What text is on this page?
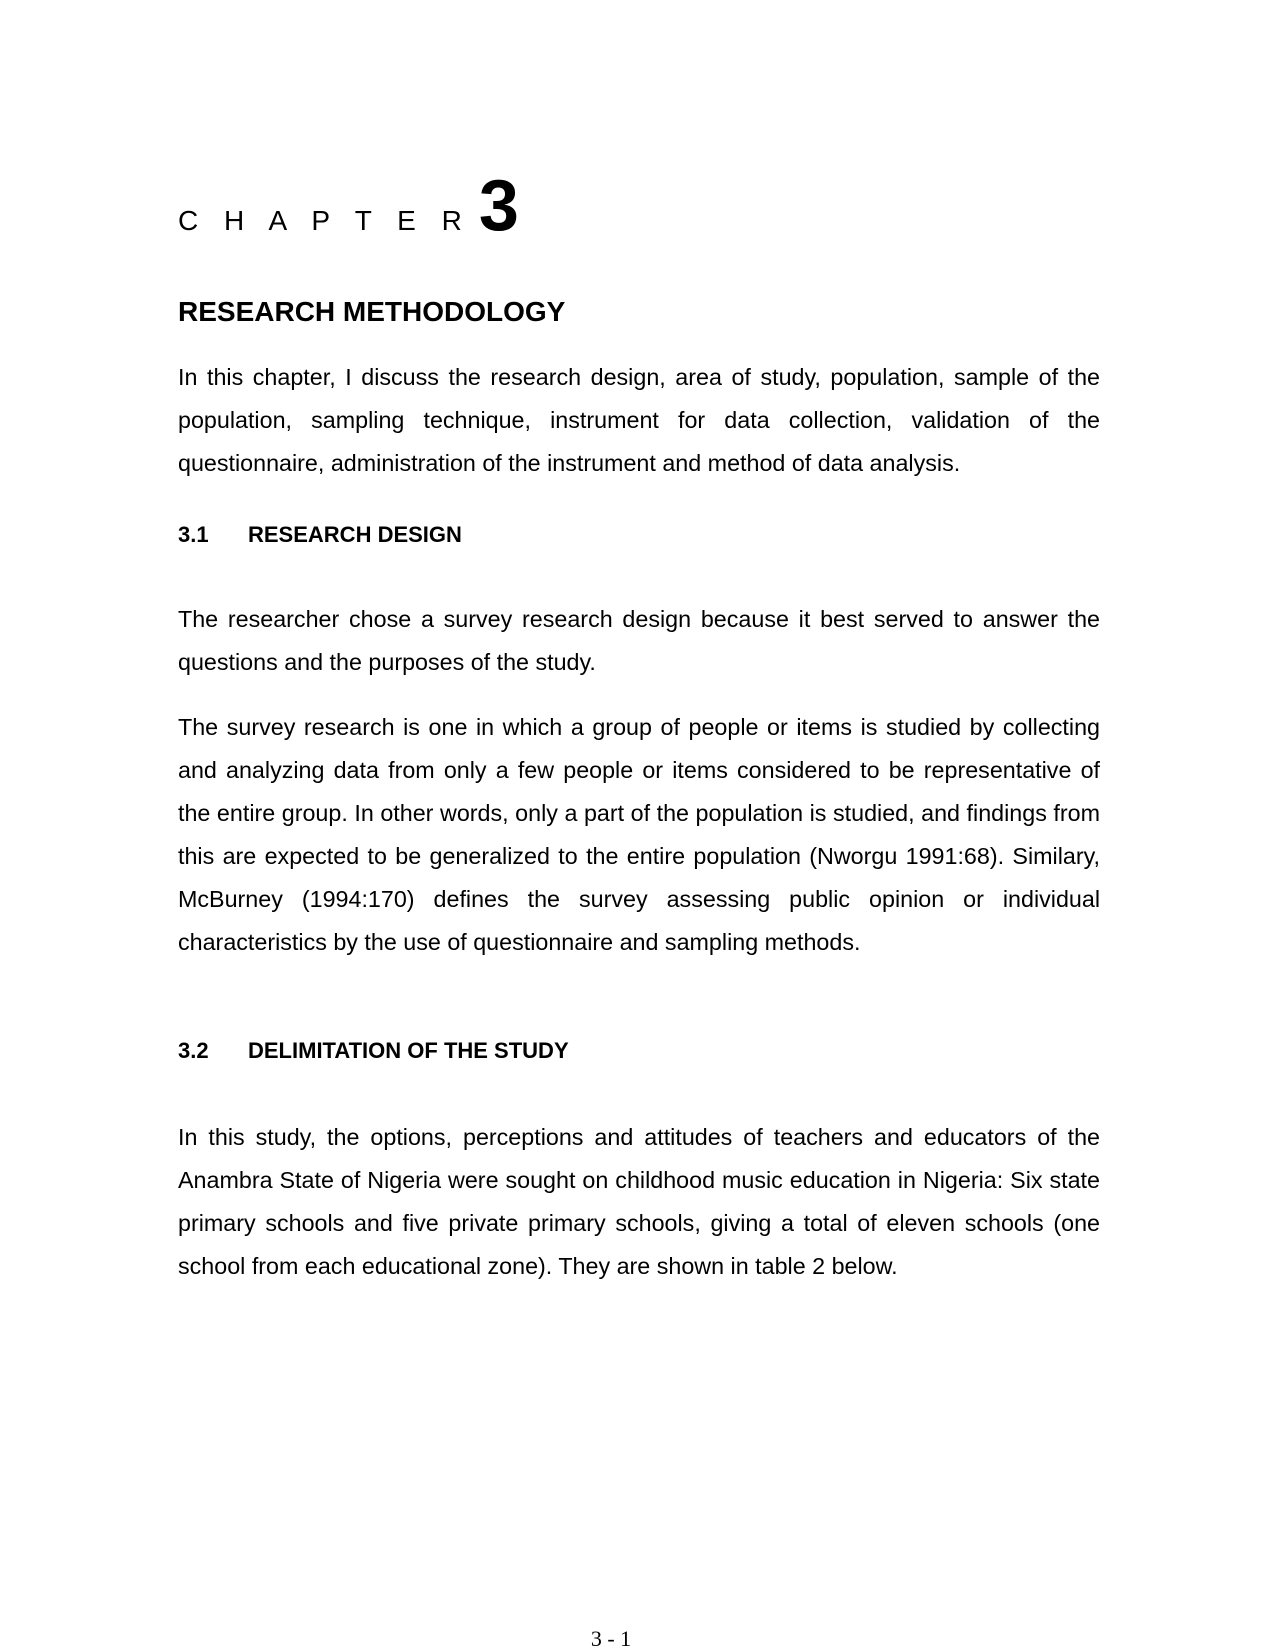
C H A P T E R 3
RESEARCH METHODOLOGY

In this chapter, I discuss the research design, area of study, population, sample of the population, sampling technique, instrument for data collection, validation of the questionnaire, administration of the instrument and method of data analysis.

3.1	RESEARCH DESIGN

The researcher chose a survey research design because it best served to answer the questions and the purposes of the study.

The survey research is one in which a group of people or items is studied by collecting and analyzing data from only a few people or items considered to be representative of the entire group. In other words, only a part of the population is studied, and findings from this are expected to be generalized to the entire population (Nworgu 1991:68). Similary, McBurney (1994:170) defines the survey assessing public opinion or individual characteristics by the use of questionnaire and sampling methods.

3.2	DELIMITATION OF THE STUDY

In this study, the options, perceptions and attitudes of teachers and educators of the Anambra State of Nigeria were sought on childhood music education in Nigeria: Six state primary schools and five private primary schools, giving a total of eleven schools (one school from each educational zone). They are shown in table 2 below.

3 - 1
